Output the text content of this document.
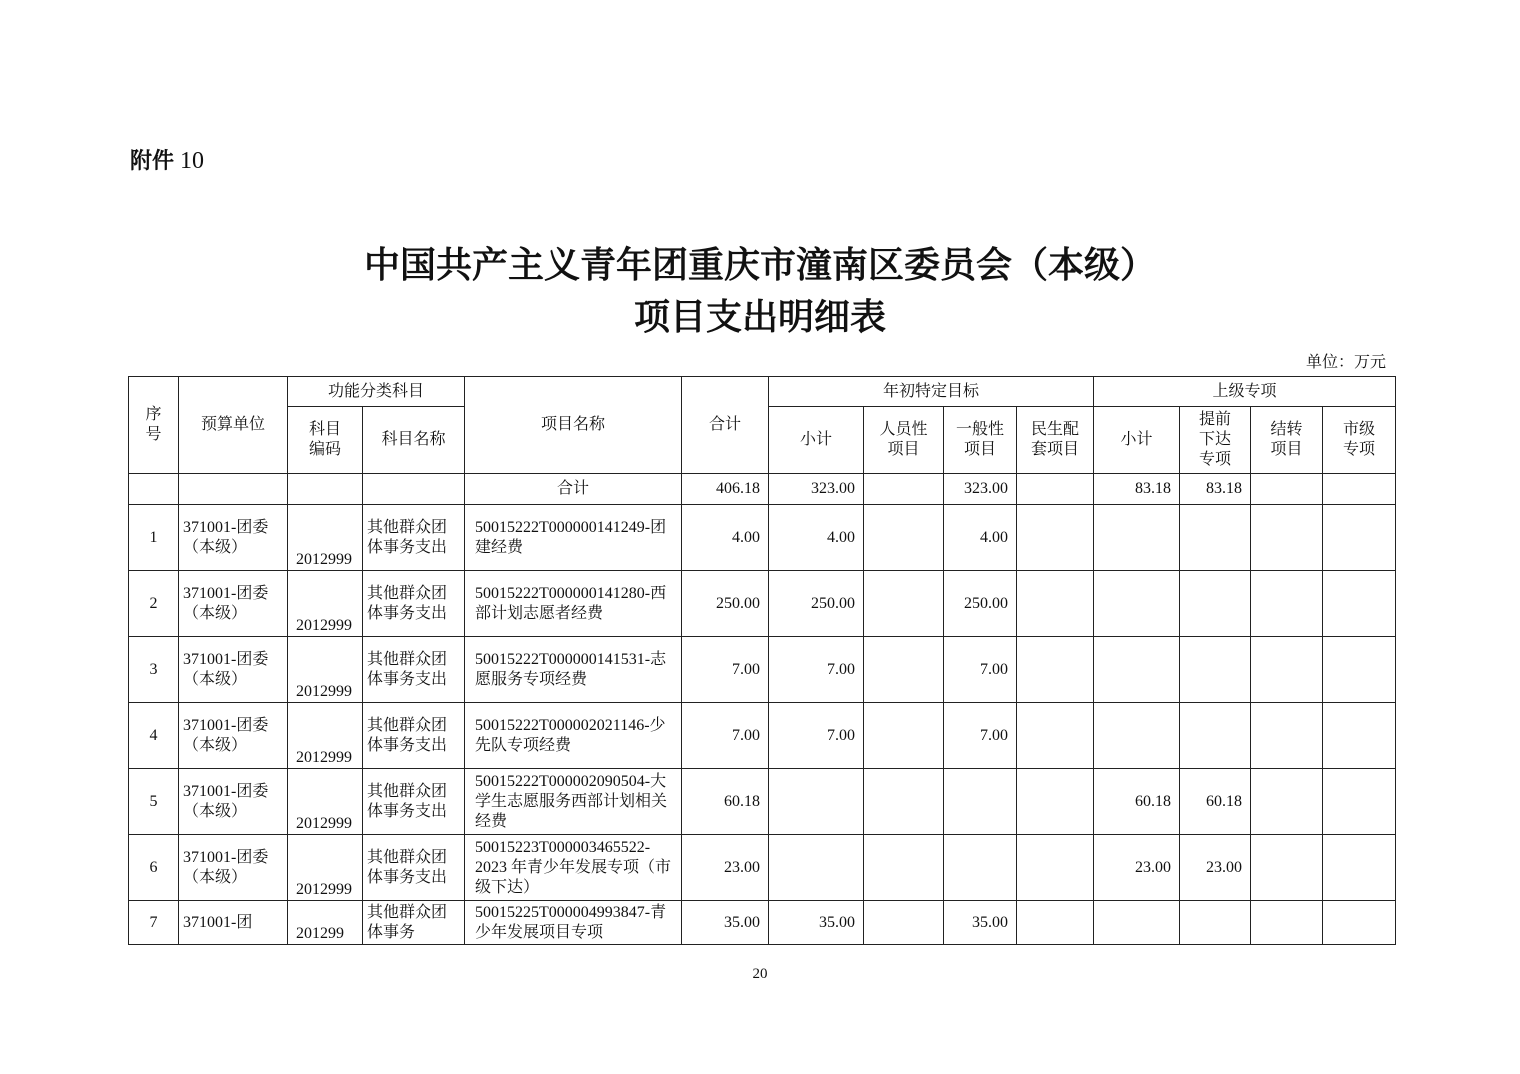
附件 10
中国共产主义青年团重庆市潼南区委员会（本级）
项目支出明细表
单位：万元
序号	预算单位	功能分类科目		项目名称	合计	年初特定目标				上级专项			
		科目编码	科目名称			小计	人员性项目	一般性项目	民生配套项目	小计	提前下达专项	结转项目	市级专项
				合计	406.18	323.00		323.00		83.18	83.18		
1	371001-团委（本级）	2012999	其他群众团体事务支出	50015222T000000141249-团建经费	4.00	4.00		4.00					
2	371001-团委（本级）	2012999	其他群众团体事务支出	50015222T000000141280-西部计划志愿者经费	250.00	250.00		250.00					
3	371001-团委（本级）	2012999	其他群众团体事务支出	50015222T000000141531-志愿服务专项经费	7.00	7.00		7.00					
4	371001-团委（本级）	2012999	其他群众团体事务支出	50015222T000002021146-少先队专项经费	7.00	7.00		7.00					
5	371001-团委（本级）	2012999	其他群众团体事务支出	50015222T000002090504-大学生志愿服务西部计划相关经费	60.18					60.18	60.18		
6	371001-团委（本级）	2012999	其他群众团体事务支出	50015223T000003465522-2023 年青少年发展专项（市级下达）	23.00					23.00	23.00		
7	371001-团	201299	其他群众团体事务	50015225T000004993847-青少年发展项目专项	35.00	35.00		35.00					
20
